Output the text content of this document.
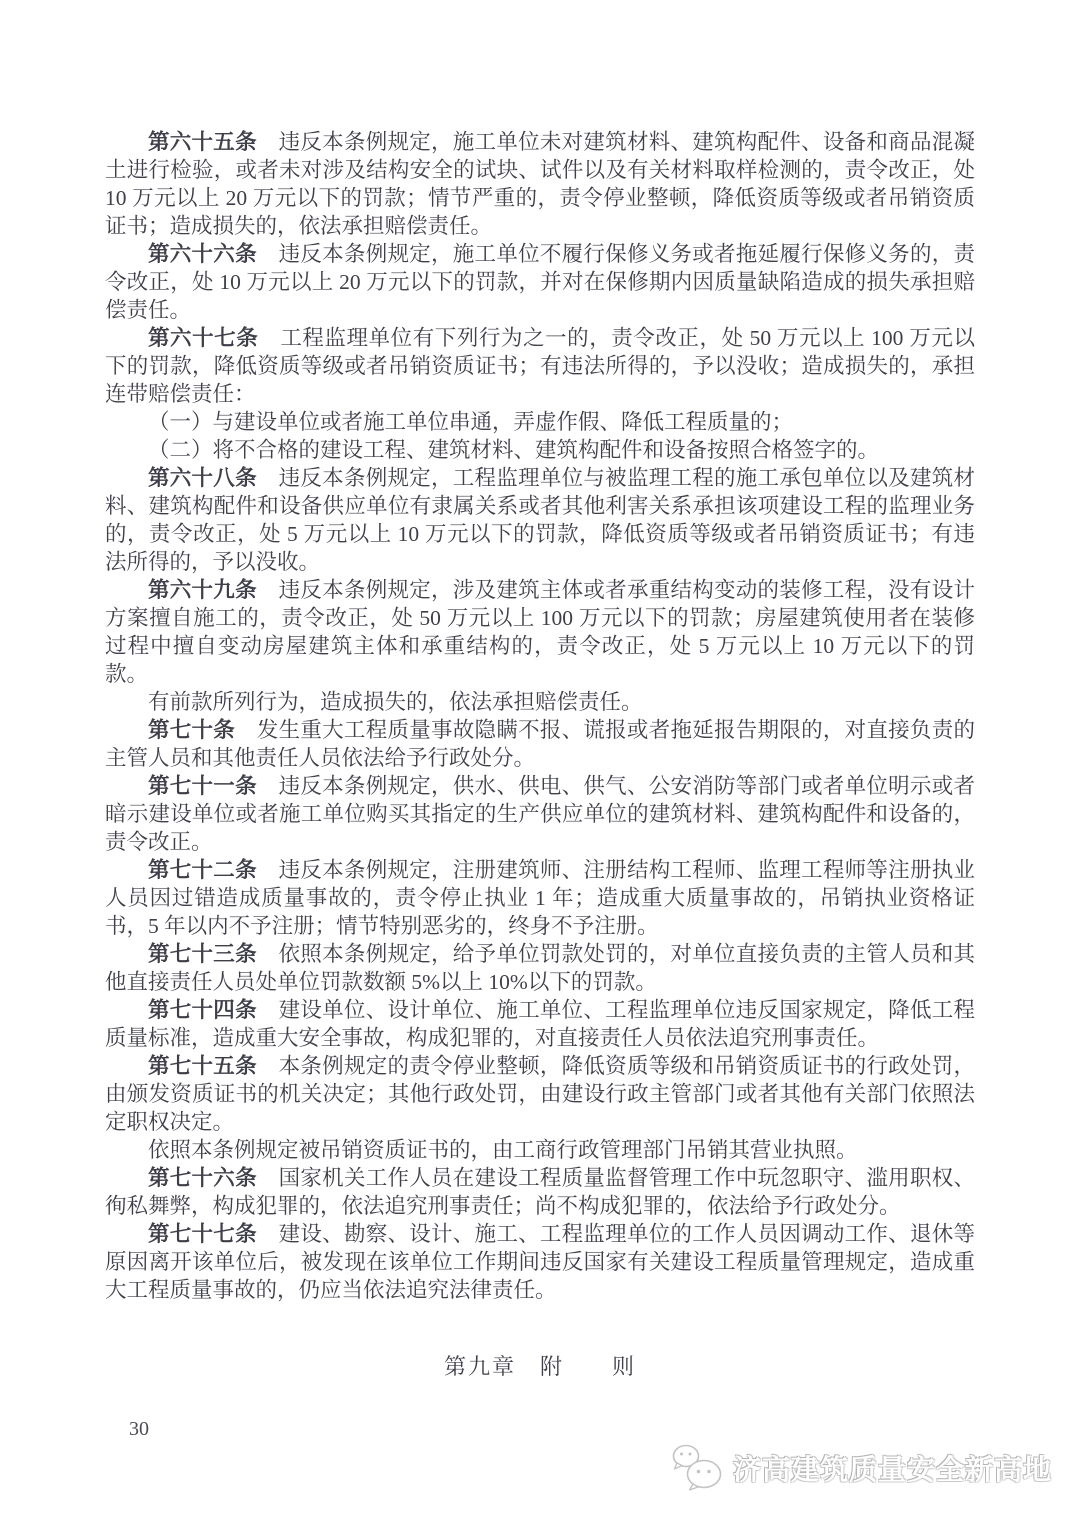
第六十五条　违反本条例规定，施工单位未对建筑材料、建筑构配件、设备和商品混凝土进行检验，或者未对涉及结构安全的试块、试件以及有关材料取样检测的，责令改正，处 10 万元以上 20 万元以下的罚款；情节严重的，责令停业整顿，降低资质等级或者吊销资质证书；造成损失的，依法承担赔偿责任。

第六十六条　违反本条例规定，施工单位不履行保修义务或者拖延履行保修义务的，责令改正，处 10 万元以上 20 万元以下的罚款，并对在保修期内因质量缺陷造成的损失承担赔偿责任。

第六十七条　工程监理单位有下列行为之一的，责令改正，处 50 万元以上 100 万元以下的罚款，降低资质等级或者吊销资质证书；有违法所得的，予以没收；造成损失的，承担连带赔偿责任：

（一）与建设单位或者施工单位串通，弄虚作假、降低工程质量的；

（二）将不合格的建设工程、建筑材料、建筑构配件和设备按照合格签字的。

第六十八条　违反本条例规定，工程监理单位与被监理工程的施工承包单位以及建筑材料、建筑构配件和设备供应单位有隶属关系或者其他利害关系承担该项建设工程的监理业务的，责令改正，处 5 万元以上 10 万元以下的罚款，降低资质等级或者吊销资质证书；有违法所得的，予以没收。

第六十九条　违反本条例规定，涉及建筑主体或者承重结构变动的装修工程，没有设计方案擅自施工的，责令改正，处 50 万元以上 100 万元以下的罚款；房屋建筑使用者在装修过程中擅自变动房屋建筑主体和承重结构的，责令改正，处 5 万元以上 10 万元以下的罚款。

有前款所列行为，造成损失的，依法承担赔偿责任。

第七十条　发生重大工程质量事故隐瞒不报、谎报或者拖延报告期限的，对直接负责的主管人员和其他责任人员依法给予行政处分。

第七十一条　违反本条例规定，供水、供电、供气、公安消防等部门或者单位明示或者暗示建设单位或者施工单位购买其指定的生产供应单位的建筑材料、建筑构配件和设备的，责令改正。

第七十二条　违反本条例规定，注册建筑师、注册结构工程师、监理工程师等注册执业人员因过错造成质量事故的，责令停止执业 1 年；造成重大质量事故的，吊销执业资格证书，5 年以内不予注册；情节特别恶劣的，终身不予注册。

第七十三条　依照本条例规定，给予单位罚款处罚的，对单位直接负责的主管人员和其他直接责任人员处单位罚款数额 5%以上 10%以下的罚款。

第七十四条　建设单位、设计单位、施工单位、工程监理单位违反国家规定，降低工程质量标准，造成重大安全事故，构成犯罪的，对直接责任人员依法追究刑事责任。

第七十五条　本条例规定的责令停业整顿，降低资质等级和吊销资质证书的行政处罚，由颁发资质证书的机关决定；其他行政处罚，由建设行政主管部门或者其他有关部门依照法定职权决定。

依照本条例规定被吊销资质证书的，由工商行政管理部门吊销其营业执照。

第七十六条　国家机关工作人员在建设工程质量监督管理工作中玩忽职守、滥用职权、徇私舞弊，构成犯罪的，依法追究刑事责任；尚不构成犯罪的，依法给予行政处分。

第七十七条　建设、勘察、设计、施工、工程监理单位的工作人员因调动工作、退休等原因离开该单位后，被发现在该单位工作期间违反国家有关建设工程质量管理规定，造成重大工程质量事故的，仍应当依法追究法律责任。

第九章　附　　则
30
济高建筑质量安全新高地
